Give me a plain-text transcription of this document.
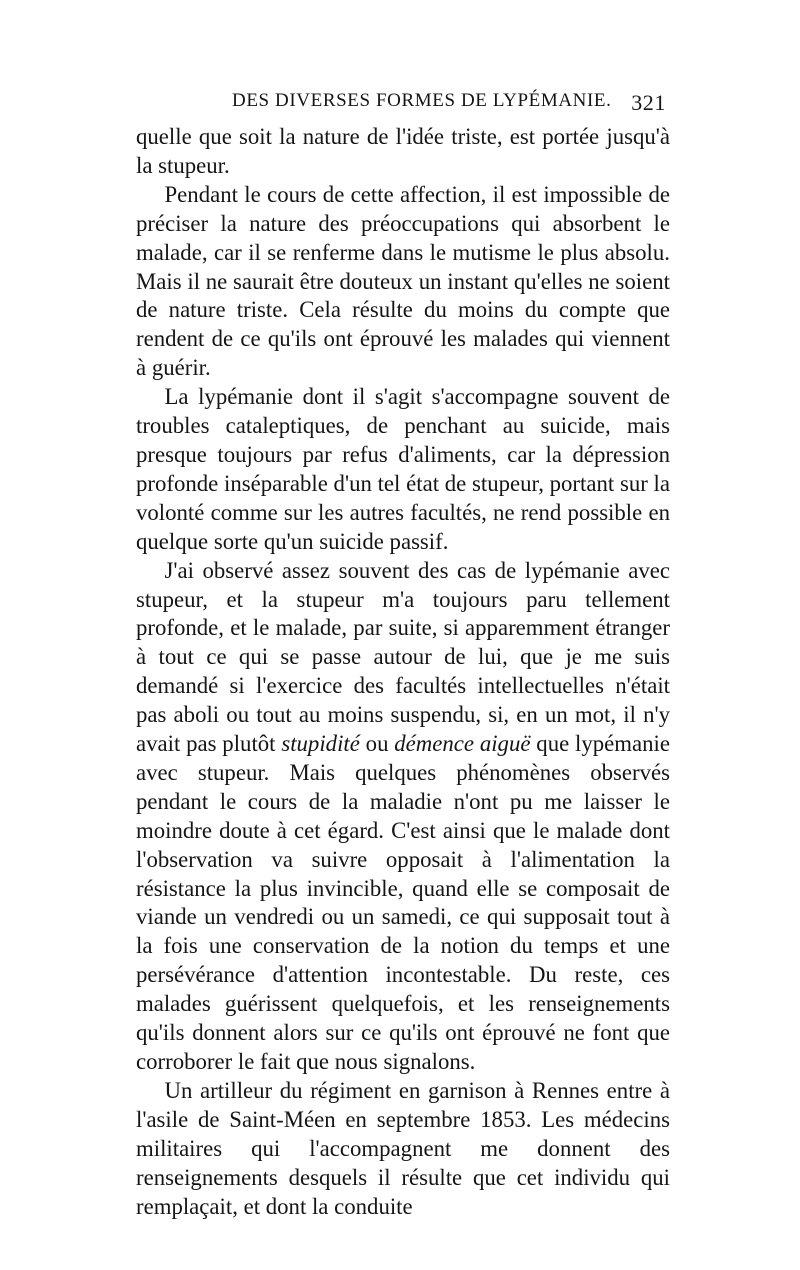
DES DIVERSES FORMES DE LYPÉMANIE. 321

quelle que soit la nature de l'idée triste, est portée jusqu'à la stupeur.

Pendant le cours de cette affection, il est impossible de préciser la nature des préoccupations qui absorbent le malade, car il se renferme dans le mutisme le plus absolu. Mais il ne saurait être douteux un instant qu'elles ne soient de nature triste. Cela résulte du moins du compte que rendent de ce qu'ils ont éprouvé les malades qui viennent à guérir.

La lypémanie dont il s'agit s'accompagne souvent de troubles cataleptiques, de penchant au suicide, mais presque toujours par refus d'aliments, car la dépression profonde inséparable d'un tel état de stupeur, portant sur la volonté comme sur les autres facultés, ne rend possible en quelque sorte qu'un suicide passif.

J'ai observé assez souvent des cas de lypémanie avec stupeur, et la stupeur m'a toujours paru tellement profonde, et le malade, par suite, si apparemment étranger à tout ce qui se passe autour de lui, que je me suis demandé si l'exercice des facultés intellectuelles n'était pas aboli ou tout au moins suspendu, si, en un mot, il n'y avait pas plutôt stupidité ou démence aiguë que lypémanie avec stupeur. Mais quelques phénomènes observés pendant le cours de la maladie n'ont pu me laisser le moindre doute à cet égard. C'est ainsi que le malade dont l'observation va suivre opposait à l'alimentation la résistance la plus invincible, quand elle se composait de viande un vendredi ou un samedi, ce qui supposait tout à la fois une conservation de la notion du temps et une persévérance d'attention incontestable. Du reste, ces malades guérissent quelquefois, et les renseignements qu'ils donnent alors sur ce qu'ils ont éprouvé ne font que corroborer le fait que nous signalons.

Un artilleur du régiment en garnison à Rennes entre à l'asile de Saint-Méen en septembre 1853. Les médecins militaires qui l'accompagnent me donnent des renseignements desquels il résulte que cet individu qui remplaçait, et dont la conduite
